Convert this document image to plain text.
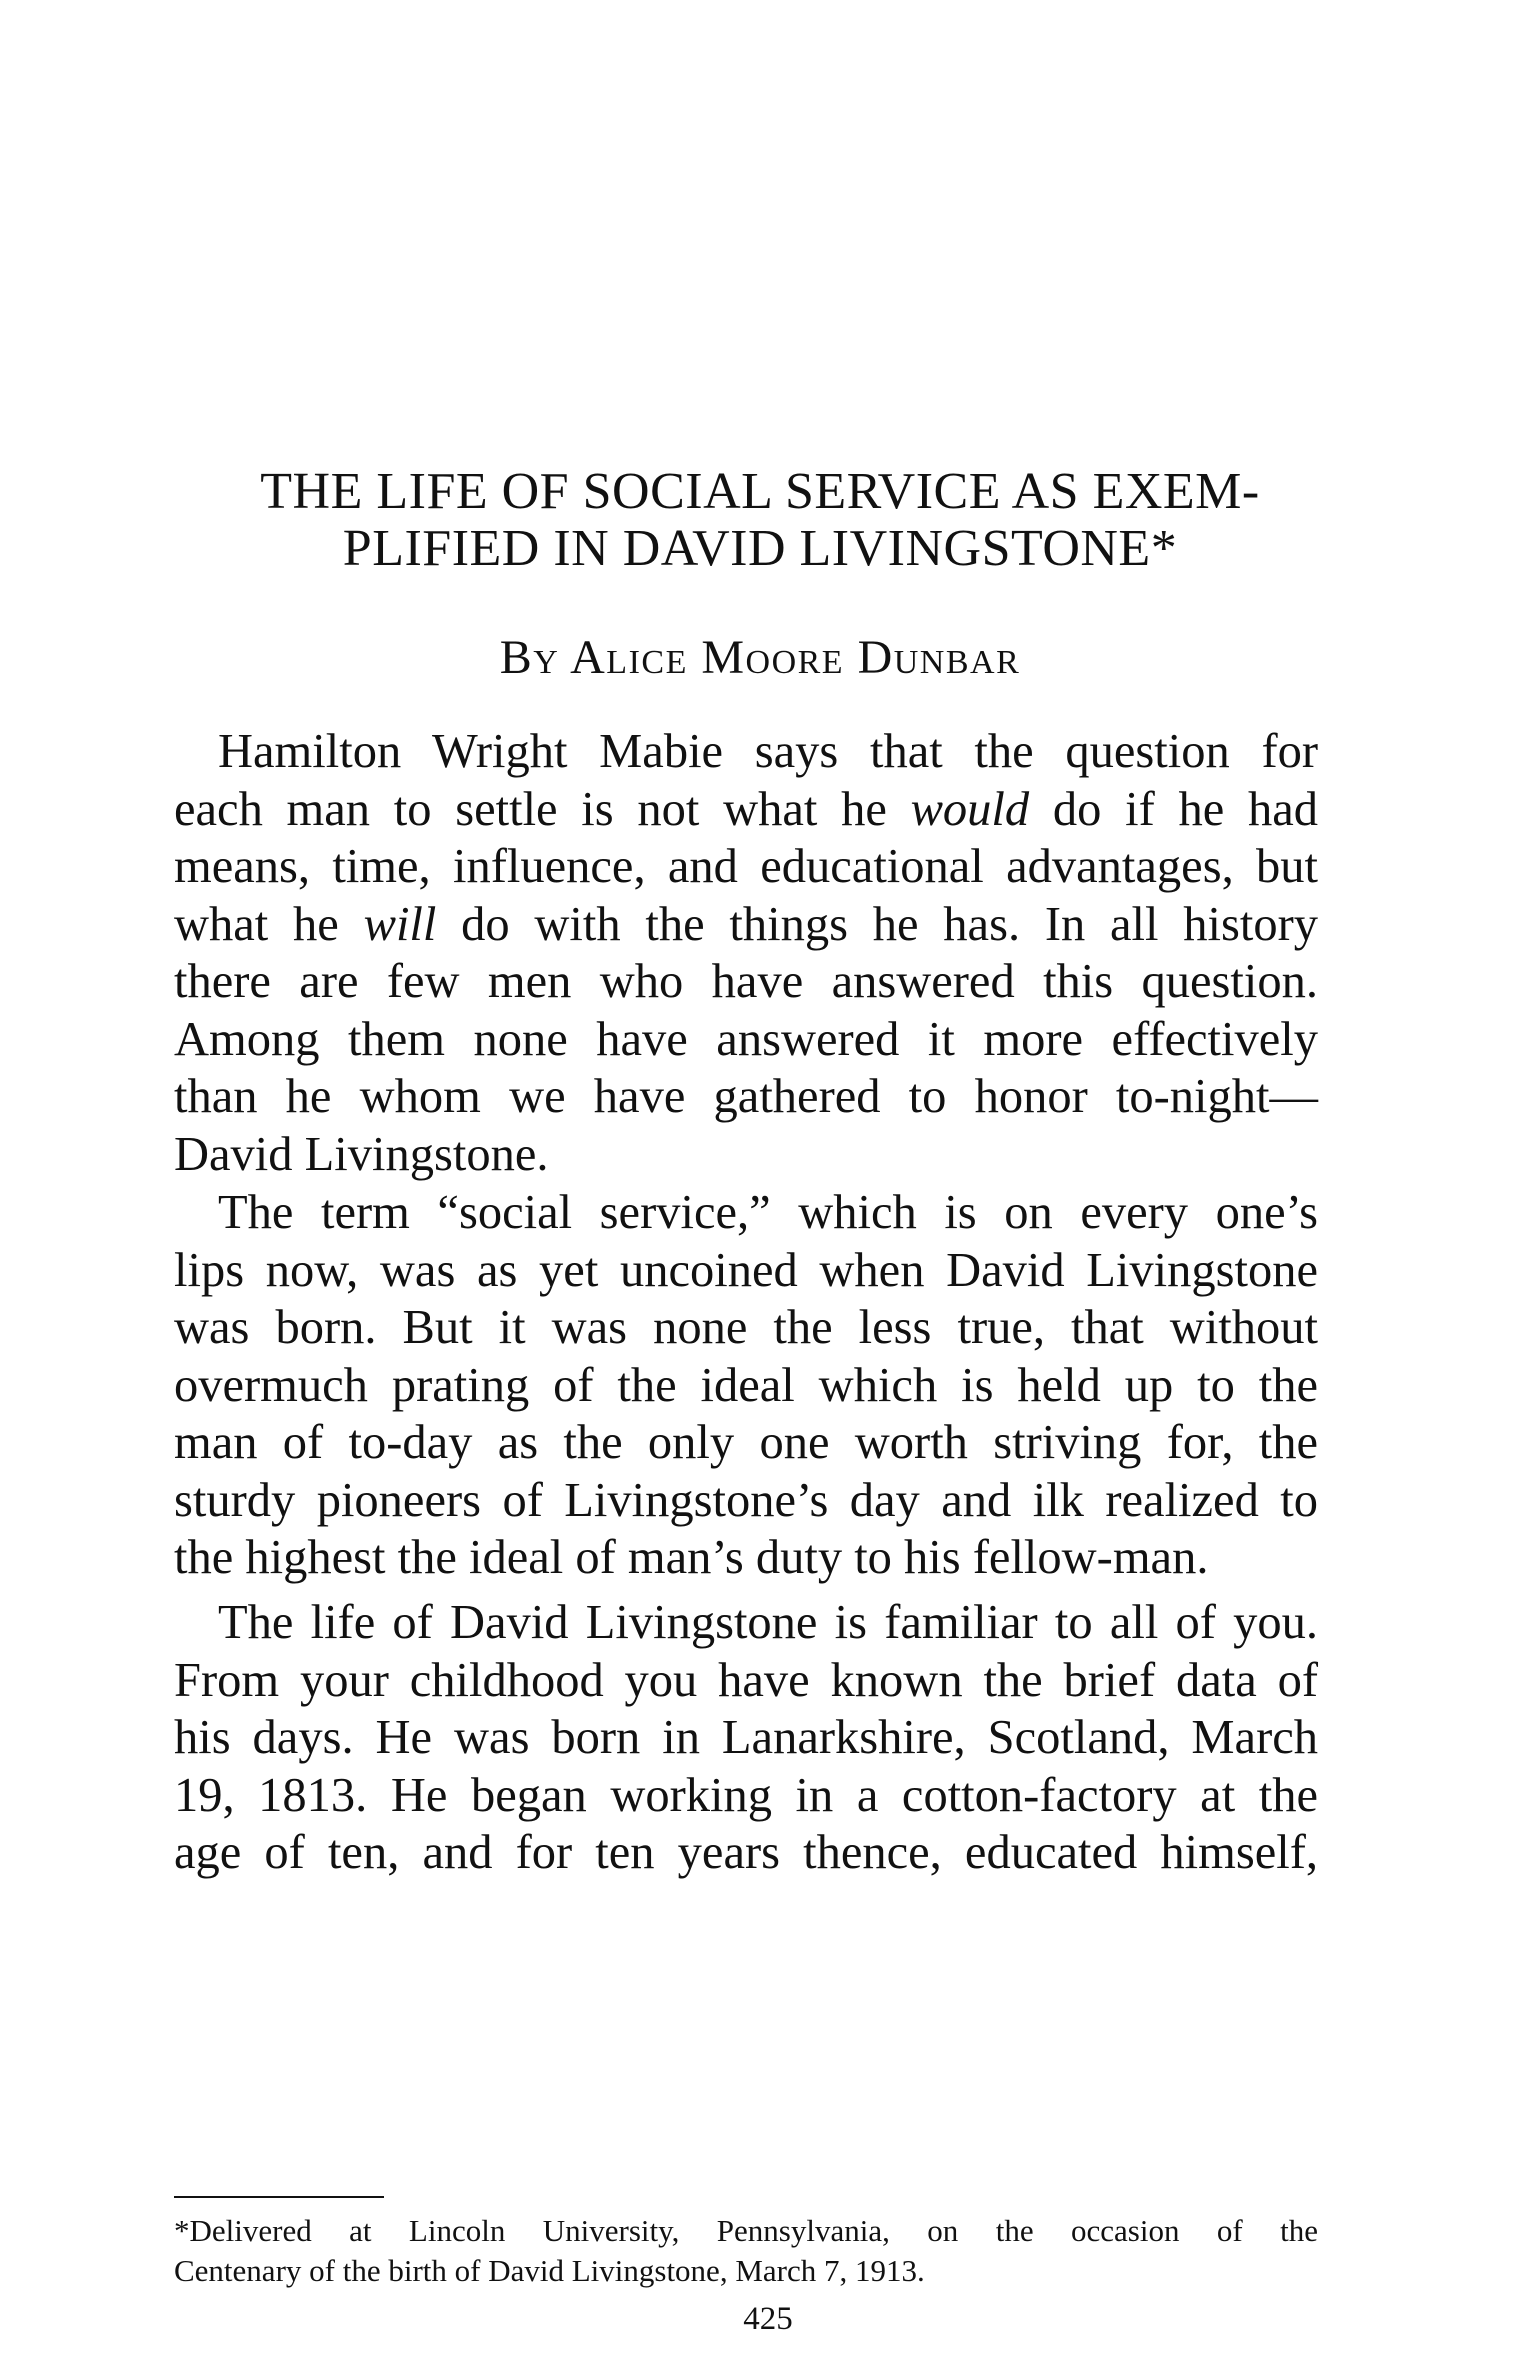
THE LIFE OF SOCIAL SERVICE AS EXEM-
PLIFIED IN DAVID LIVINGSTONE*

By Alice Moore Dunbar

Hamilton Wright Mabie says that the question for

each man to settle is not what he would do if he had

means, time, influence, and educational advantages, but

what he will do with the things he has. In all history

there are few men who have answered this question.

Among them none have answered it more effectively

than he whom we have gathered to honor to-night—

David Livingstone.

The term “social service,” which is on every one’s

lips now, was as yet uncoined when David Livingstone

was born. But it was none the less true, that without

overmuch prating of the ideal which is held up to the

man of to-day as the only one worth striving for, the

sturdy pioneers of Livingstone’s day and ilk realized to

the highest the ideal of man’s duty to his fellow-man.

The life of David Livingstone is familiar to all of you.

From your childhood you have known the brief data of

his days. He was born in Lanarkshire, Scotland, March

19, 1813. He began working in a cotton-factory at the

age of ten, and for ten years thence, educated himself,

*Delivered at Lincoln University, Pennsylvania, on the occasion of the

Centenary of the birth of David Livingstone, March 7, 1913.

425
